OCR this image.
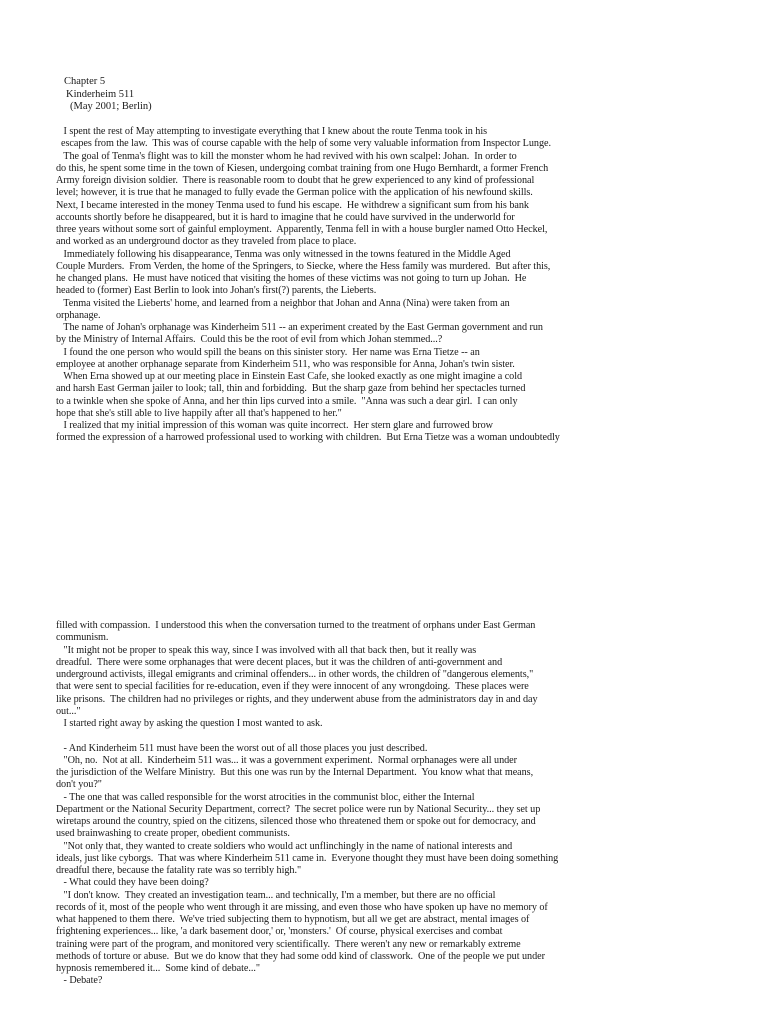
Chapter 5
Kinderheim 511
(May 2001; Berlin)
I spent the rest of May attempting to investigate everything that I knew about the route Tenma took in his
escapes from the law.  This was of course capable with the help of some very valuable information from Inspector Lunge.
The goal of Tenma's flight was to kill the monster whom he had revived with his own scalpel: Johan.  In order to
do this, he spent some time in the town of Kiesen, undergoing combat training from one Hugo Bernhardt, a former French
Army foreign division soldier.  There is reasonable room to doubt that he grew experienced to any kind of professional
level; however, it is true that he managed to fully evade the German police with the application of his newfound skills.
Next, I became interested in the money Tenma used to fund his escape.  He withdrew a significant sum from his bank
accounts shortly before he disappeared, but it is hard to imagine that he could have survived in the underworld for
three years without some sort of gainful employment.  Apparently, Tenma fell in with a house burgler named Otto Heckel,
and worked as an underground doctor as they traveled from place to place.
Immediately following his disappearance, Tenma was only witnessed in the towns featured in the Middle Aged
Couple Murders.  From Verden, the home of the Springers, to Siecke, where the Hess family was murdered.  But after this,
he changed plans.  He must have noticed that visiting the homes of these victims was not going to turn up Johan.  He
headed to (former) East Berlin to look into Johan's first(?) parents, the Lieberts.
Tenma visited the Lieberts' home, and learned from a neighbor that Johan and Anna (Nina) were taken from an
orphanage.
The name of Johan's orphanage was Kinderheim 511 -- an experiment created by the East German government and run
by the Ministry of Internal Affairs.  Could this be the root of evil from which Johan stemmed...?
I found the one person who would spill the beans on this sinister story.  Her name was Erna Tietze -- an
employee at another orphanage separate from Kinderheim 511, who was responsible for Anna, Johan's twin sister.
When Erna showed up at our meeting place in Einstein East Cafe, she looked exactly as one might imagine a cold
and harsh East German jailer to look; tall, thin and forbidding.  But the sharp gaze from behind her spectacles turned
to a twinkle when she spoke of Anna, and her thin lips curved into a smile.  "Anna was such a dear girl.  I can only
hope that she's still able to live happily after all that's happened to her."
I realized that my initial impression of this woman was quite incorrect.  Her stern glare and furrowed brow
formed the expression of a harrowed professional used to working with children.  But Erna Tietze was a woman undoubtedly
filled with compassion.  I understood this when the conversation turned to the treatment of orphans under East German
communism.
"It might not be proper to speak this way, since I was involved with all that back then, but it really was
dreadful.  There were some orphanages that were decent places, but it was the children of anti-government and
underground activists, illegal emigrants and criminal offenders... in other words, the children of "dangerous elements,"
that were sent to special facilities for re-education, even if they were innocent of any wrongdoing.  These places were
like prisons.  The children had no privileges or rights, and they underwent abuse from the administrators day in and day
out..."
I started right away by asking the question I most wanted to ask.

- And Kinderheim 511 must have been the worst out of all those places you just described.
"Oh, no.  Not at all.  Kinderheim 511 was... it was a government experiment.  Normal orphanages were all under
the jurisdiction of the Welfare Ministry.  But this one was run by the Internal Department.  You know what that means,
don't you?"
- The one that was called responsible for the worst atrocities in the communist bloc, either the Internal
Department or the National Security Department, correct?  The secret police were run by National Security... they set up
wiretaps around the country, spied on the citizens, silenced those who threatened them or spoke out for democracy, and
used brainwashing to create proper, obedient communists.
"Not only that, they wanted to create soldiers who would act unflinchingly in the name of national interests and
ideals, just like cyborgs.  That was where Kinderheim 511 came in.  Everyone thought they must have been doing something
dreadful there, because the fatality rate was so terribly high."
- What could they have been doing?
"I don't know.  They created an investigation team... and technically, I'm a member, but there are no official
records of it, most of the people who went through it are missing, and even those who have spoken up have no memory of
what happened to them there.  We've tried subjecting them to hypnotism, but all we get are abstract, mental images of
frightening experiences... like, 'a dark basement door,' or, 'monsters.'  Of course, physical exercises and combat
training were part of the program, and monitored very scientifically.  There weren't any new or remarkably extreme
methods of torture or abuse.  But we do know that they had some odd kind of classwork.  One of the people we put under
hypnosis remembered it...  Some kind of debate..."
- Debate?
